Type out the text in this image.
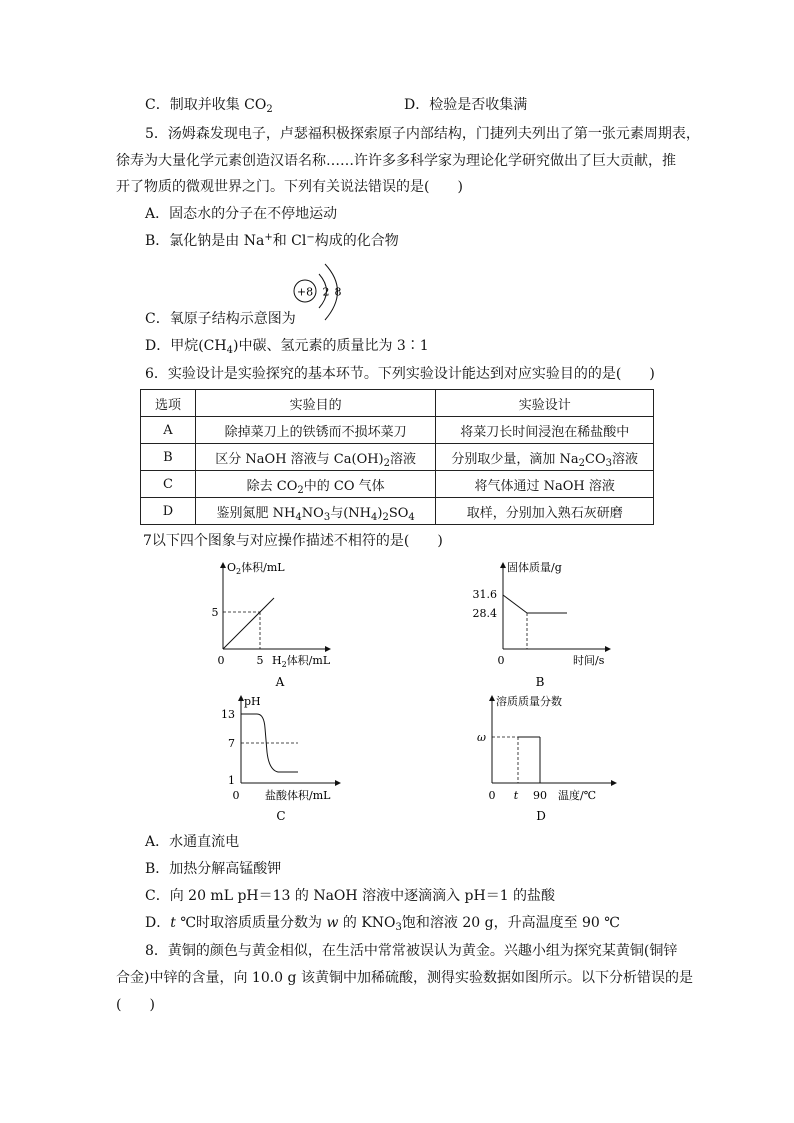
C．制取并收集 $CO_2$	D．检验是否收集满
5．汤姆森发现电子，卢瑟福积极探索原子内部结构，门捷列夫列出了第一张元素周期表，
徐寿为大量化学元素创造汉语名称……许许多多科学家为理论化学研究做出了巨大贡献，推
开了物质的微观世界之门。下列有关说法错误的是(　　)
A．固态水的分子在不停地运动
B．氯化钠是由 Na+和 Cl−构成的化合物
+8 2 8
C．氧原子结构示意图为
D．甲烷$(CH_4)$中碳、氢元素的质量比为 3∶1
6．实验设计是实验探究的基本环节。下列实验设计能达到对应实验目的的是(　　)
选项	实验目的	实验设计
A	除掉菜刀上的铁锈而不损坏菜刀	将菜刀长时间浸泡在稀盐酸中
B	区分 NaOH 溶液与 $Ca(OH)_2$溶液	分别取少量，滴加 $Na_2CO_3$溶液
C	除去 $CO_2$中的 CO 气体	将气体通过 NaOH 溶液
D	鉴别氮肥 $NH_4NO_3$与$(NH_4)_2SO_4$	取样，分别加入熟石灰研磨
7以下四个图象与对应操作描述不相符的是(　　)
$O_2$体积/mL
5
0	5 $H_2$体积/mL
A
固体质量/g
31.6
28.4
0	时间/s
B
pH
13
7
1
0 盐酸体积/mL
C
溶质质量分数
ω
0 t 90 温度/℃
D
A．水通直流电
B．加热分解高锰酸钾
C．向 20 mL pH＝13 的 NaOH 溶液中逐滴滴入 pH＝1 的盐酸
D．t ℃时取溶质质量分数为 w 的 $KNO_3$饱和溶液 20 g，升高温度至 90 ℃
8．黄铜的颜色与黄金相似，在生活中常常被误认为黄金。兴趣小组为探究某黄铜(铜锌
合金)中锌的含量，向 10.0 g 该黄铜中加稀硫酸，测得实验数据如图所示。以下分析错误的是
(　　)
